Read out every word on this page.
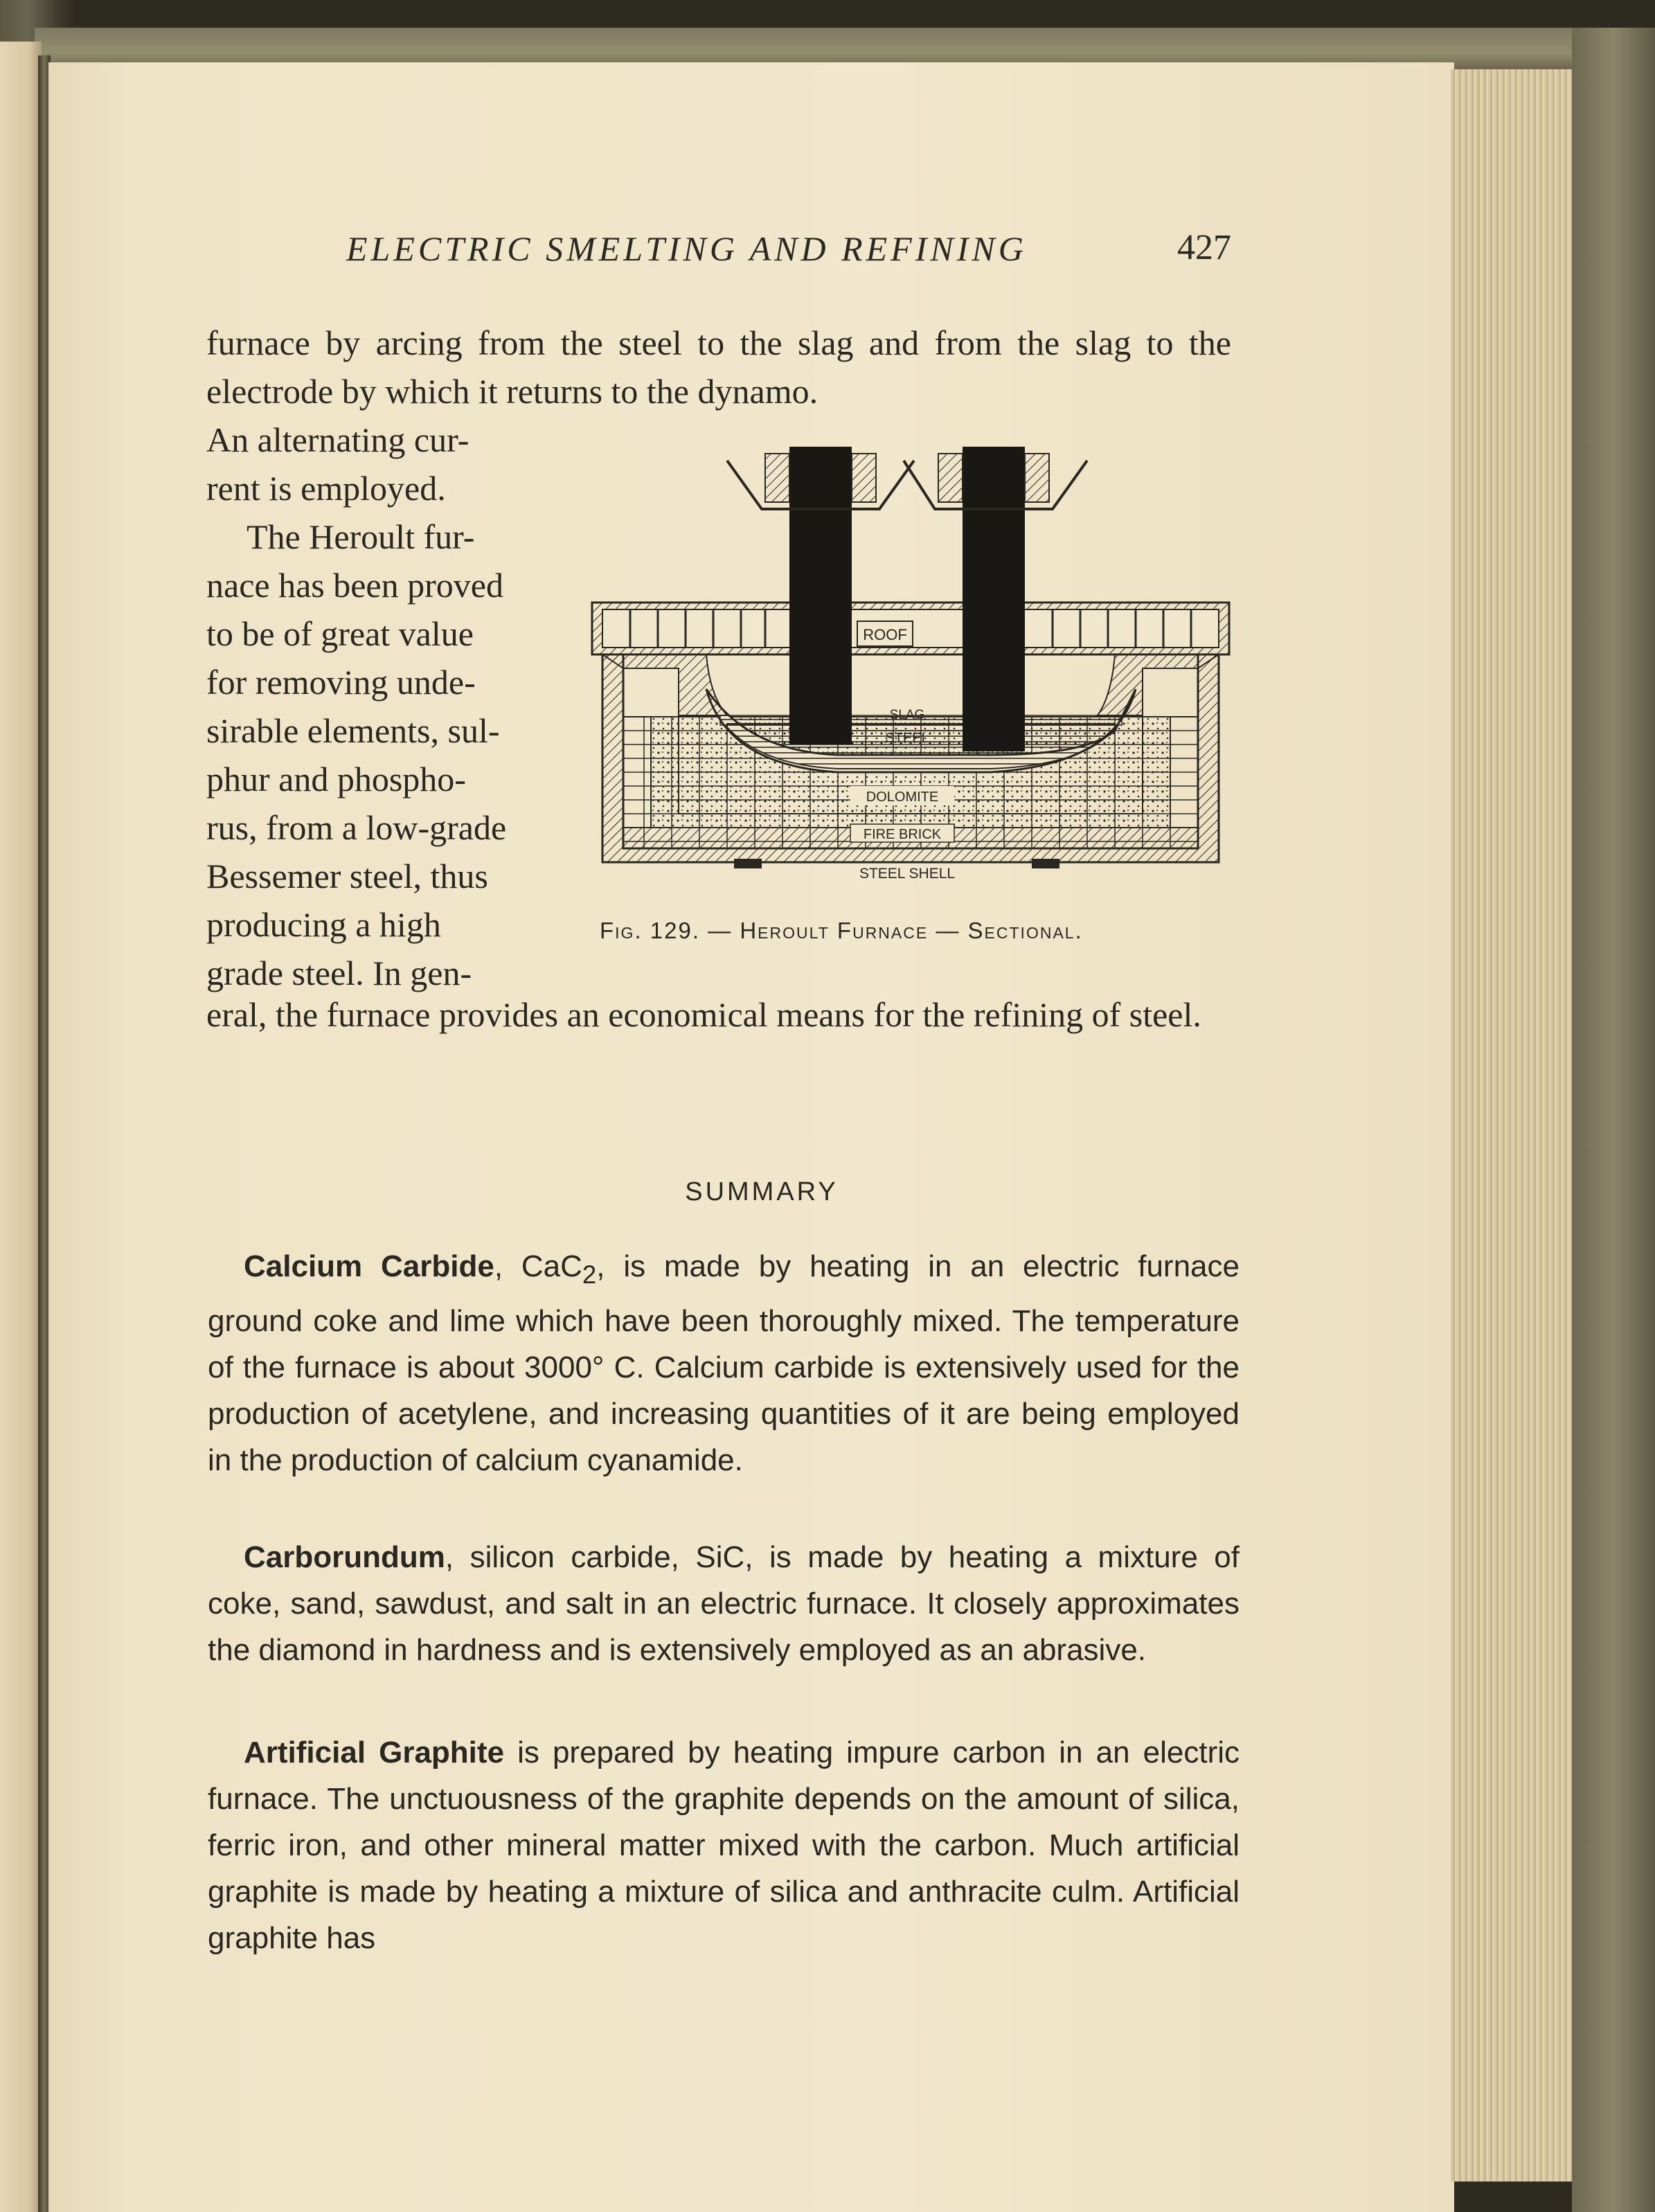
ELECTRIC SMELTING AND REFINING	427
furnace by arcing from the steel to the slag and from the slag to the electrode by which it returns to the dynamo.
An alternating cur-
rent is employed.
The Heroult fur-
nace has been proved
to be of great value
for removing unde-
sirable elements, sul-
phur and phospho-
rus, from a low-grade
Bessemer steel, thus
producing a high
grade steel. In gen-
eral, the furnace provides an economical means for the refining of steel.
ROOF
SLAG
STEEL
DOLOMITE
FIRE BRICK
STEEL SHELL
Fig. 129. — Heroult Furnace — Sectional.
SUMMARY
Calcium Carbide, CaC$_2$, is made by heating in an electric furnace ground coke and lime which have been thoroughly mixed. The temperature of the furnace is about 3000° C. Calcium carbide is extensively used for the production of acetylene, and increasing quantities of it are being employed in the production of calcium cyanamide.
Carborundum, silicon carbide, SiC, is made by heating a mixture of coke, sand, sawdust, and salt in an electric furnace. It closely approximates the diamond in hardness and is extensively employed as an abrasive.
Artificial Graphite is prepared by heating impure carbon in an electric furnace. The unctuousness of the graphite depends on the amount of silica, ferric iron, and other mineral matter mixed with the carbon. Much artificial graphite is made by heating a mixture of silica and anthracite culm. Artificial graphite has
